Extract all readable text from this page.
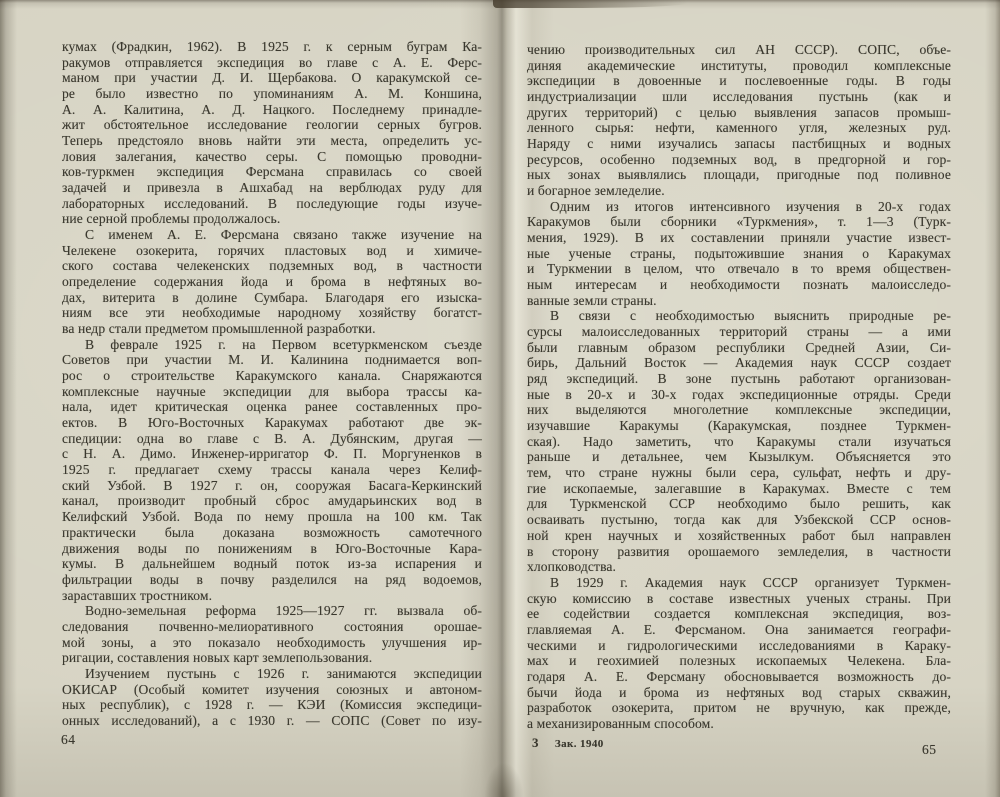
кумах (Фрадкин, 1962). В 1925 г. к серным буграм Ка-
ракумов отправляется экспедиция во главе с А. Е. Ферс-
маном при участии Д. И. Щербакова. О каракумской се-
ре было известно по упоминаниям А. М. Коншина,
А. А. Калитина, А. Д. Нацкого. Последнему принадле-
жит обстоятельное исследование геологии серных бугров.
Теперь предстояло вновь найти эти места, определить ус-
ловия залегания, качество серы. С помощью проводни-
ков-туркмен экспедиция Ферсмана справилась со своей
задачей и привезла в Ашхабад на верблюдах руду для
лабораторных исследований. В последующие годы изуче-
ние серной проблемы продолжалось.
С именем А. Е. Ферсмана связано также изучение на
Челекене озокерита, горячих пластовых вод и химиче-
ского состава челекенских подземных вод, в частности
определение содержания йода и брома в нефтяных во-
дах, витерита в долине Сумбара. Благодаря его изыска-
ниям все эти необходимые народному хозяйству богатст-
ва недр стали предметом промышленной разработки.
В феврале 1925 г. на Первом всетуркменском съезде
Советов при участии М. И. Калинина поднимается воп-
рос о строительстве Каракумского канала. Снаряжаются
комплексные научные экспедиции для выбора трассы ка-
нала, идет критическая оценка ранее составленных про-
ектов. В Юго-Восточных Каракумах работают две эк-
спедиции: одна во главе с В. А. Дубянским, другая —
с Н. А. Димо. Инженер-ирригатор Ф. П. Моргуненков в
1925 г. предлагает схему трассы канала через Келиф-
ский Узбой. В 1927 г. он, сооружая Басага-Керкинский
канал, производит пробный сброс амударьинских вод в
Келифский Узбой. Вода по нему прошла на 100 км. Так
практически была доказана возможность самотечного
движения воды по понижениям в Юго-Восточные Кара-
кумы. В дальнейшем водный поток из-за испарения и
фильтрации воды в почву разделился на ряд водоемов,
зараставших тростником.
Водно-земельная реформа 1925—1927 гг. вызвала об-
следования почвенно-мелиоративного состояния орошае-
мой зоны, а это показало необходимость улучшения ир-
ригации, составления новых карт землепользования.
Изучением пустынь с 1926 г. занимаются экспедиции
ОКИСАР (Особый комитет изучения союзных и автоном-
ных республик), с 1928 г. — КЭИ (Комиссия экспедици-
онных исследований), а с 1930 г. — СОПС (Совет по изу-
64
чению производительных сил АН СССР). СОПС, объе-
диняя академические институты, проводил комплексные
экспедиции в довоенные и послевоенные годы. В годы
индустриализации шли исследования пустынь (как и
других территорий) с целью выявления запасов промыш-
ленного сырья: нефти, каменного угля, железных руд.
Наряду с ними изучались запасы пастбищных и водных
ресурсов, особенно подземных вод, в предгорной и гор-
ных зонах выявлялись площади, пригодные под поливное
и богарное земледелие.
Одним из итогов интенсивного изучения в 20-х годах
Каракумов были сборники «Туркмения», т. 1—3 (Турк-
мения, 1929). В их составлении приняли участие извест-
ные ученые страны, подытожившие знания о Каракумах
и Туркмении в целом, что отвечало в то время обществен-
ным интересам и необходимости познать малоисследо-
ванные земли страны.
В связи с необходимостью выяснить природные ре-
сурсы малоисследованных территорий страны — а ими
были главным образом республики Средней Азии, Си-
бирь, Дальний Восток — Академия наук СССР создает
ряд экспедиций. В зоне пустынь работают организован-
ные в 20-х и 30-х годах экспедиционные отряды. Среди
них выделяются многолетние комплексные экспедиции,
изучавшие Каракумы (Каракумская, позднее Туркмен-
ская). Надо заметить, что Каракумы стали изучаться
раньше и детальнее, чем Кызылкум. Объясняется это
тем, что стране нужны были сера, сульфат, нефть и дру-
гие ископаемые, залегавшие в Каракумах. Вместе с тем
для Туркменской ССР необходимо было решить, как
осваивать пустыню, тогда как для Узбекской ССР основ-
ной крен научных и хозяйственных работ был направлен
в сторону развития орошаемого земледелия, в частности
хлопководства.
В 1929 г. Академия наук СССР организует Туркмен-
скую комиссию в составе известных ученых страны. При
ее содействии создается комплексная экспедиция, воз-
главляемая А. Е. Ферсманом. Она занимается географи-
ческими и гидрологическими исследованиями в Караку-
мах и геохимией полезных ископаемых Челекена. Бла-
годаря А. Е. Ферсману обосновывается возможность до-
бычи йода и брома из нефтяных вод старых скважин,
разработок озокерита, притом не вручную, как прежде,
а механизированным способом.
3 Зак. 1940	65
